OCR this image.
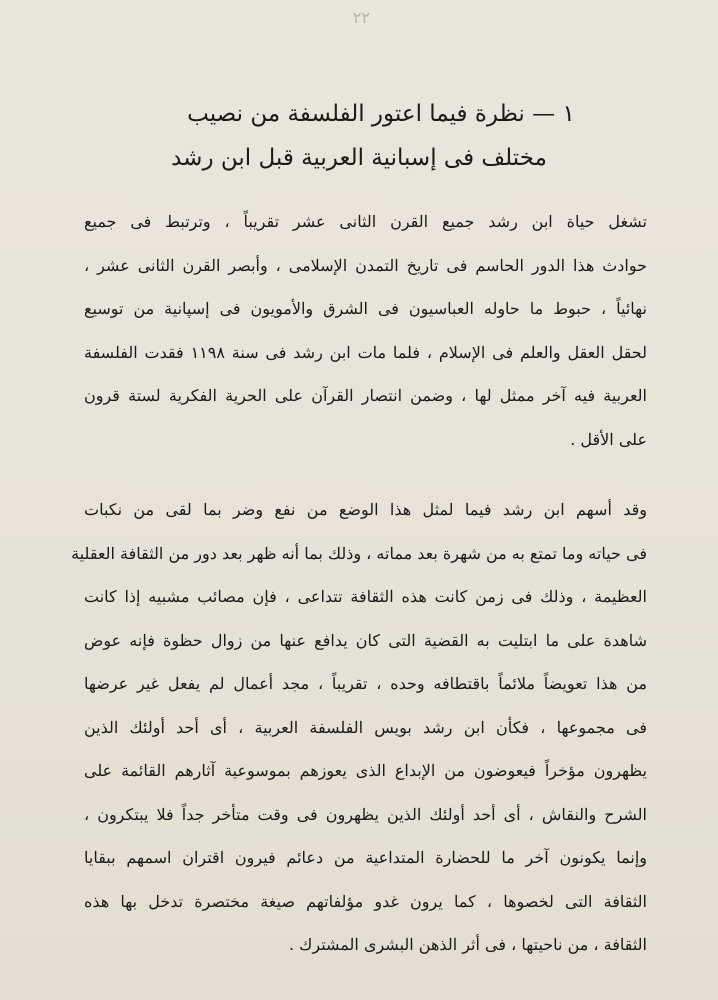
٢٢
١ — نظرة فيما اعتور الفلسفة من نصيب
مختلف فى إسبانية العربية قبل ابن رشد

تشغل حياة ابن رشد جميع القرن الثانى عشر تقريباً ، وترتبط فى جميع

حوادث هذا الدور الحاسم فى تاريخ التمدن الإسلامى ، وأبصر القرن الثانى عشر ،

نهائياً ، حبوط ما حاوله العباسيون فى الشرق والأمويون فى إسپانية من توسيع

لحقل العقل والعلم فى الإسلام ، فلما مات ابن رشد فى سنة ١١٩٨ فقدت الفلسفة

العربية فيه آخر ممثل لها ، وضمن انتصار القرآن على الحرية الفكرية لستة قرون

على الأقل .

وقد أسهم ابن رشد فيما لمثل هذا الوضع من نفع وضر بما لقى من نكبات

فى حياته وما تمتع به من شهرة بعد مماته ، وذلك بما أنه ظهر بعد دور من الثقافة العقلية

العظيمة ، وذلك فى زمن كانت هذه الثقافة تتداعى ، فإن مصائب مشبيه إذا كانت

شاهدة على ما ابتليت به القضية التى كان يدافع عنها من زوال حظوة فإنه عوض

من هذا تعويضاً ملائماً باقتطافه وحده ، تقريباً ، مجد أعمال لم يفعل غير عرضها

فى مجموعها ، فكأن ابن رشد بويس الفلسفة العربية ، أى أحد أولئك الذين

يظهرون مؤخراً فيعوضون من الإبداع الذى يعوزهم بموسوعية آثارهم القائمة على

الشرح والنقاش ، أى أحد أولئك الذين يظهرون فى وقت متأخر جداً فلا يبتكرون ،

وإنما يكونون آخر ما للحضارة المتداعية من دعائم فيرون اقتران اسمهم ببقايا

الثقافة التى لخصوها ، كما يرون غدو مؤلفاتهم صيغة مختصرة تدخل بها هذه

الثقافة ، من ناحيتها ، فى أثر الذهن البشرى المشترك .
